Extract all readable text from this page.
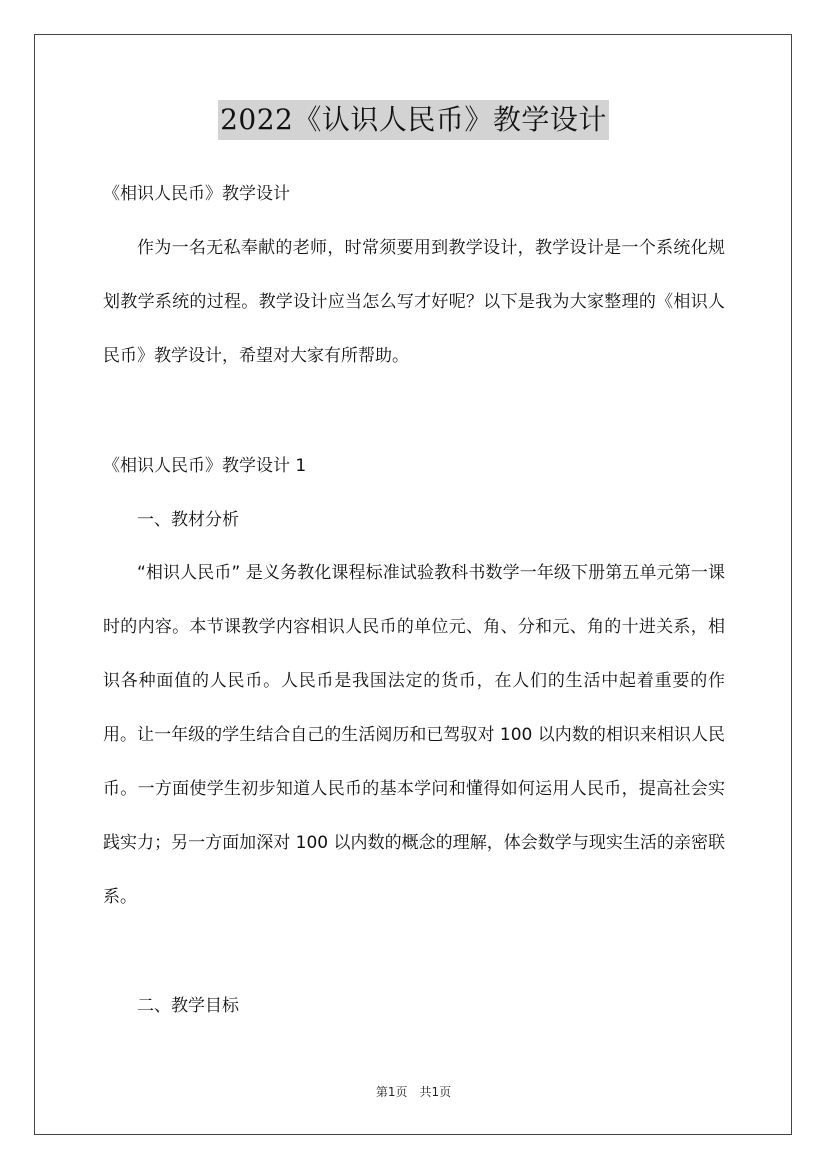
2022《认识人民币》教学设计
《相识人民币》教学设计
作为一名无私奉献的老师，时常须要用到教学设计，教学设计是一个系统化规划教学系统的过程。教学设计应当怎么写才好呢？以下是我为大家整理的《相识人民币》教学设计，希望对大家有所帮助。
《相识人民币》教学设计 1
一、教材分析
“相识人民币” 是义务教化课程标准试验教科书数学一年级下册第五单元第一课时的内容。本节课教学内容相识人民币的单位元、角、分和元、角的十进关系，相识各种面值的人民币。人民币是我国法定的货币，在人们的生活中起着重要的作用。让一年级的学生结合自己的生活阅历和已驾驭对 100 以内数的相识来相识人民币。一方面使学生初步知道人民币的基本学问和懂得如何运用人民币，提高社会实践实力；另一方面加深对 100 以内数的概念的理解，体会数学与现实生活的亲密联系。
二、教学目标
第1页　共1页
